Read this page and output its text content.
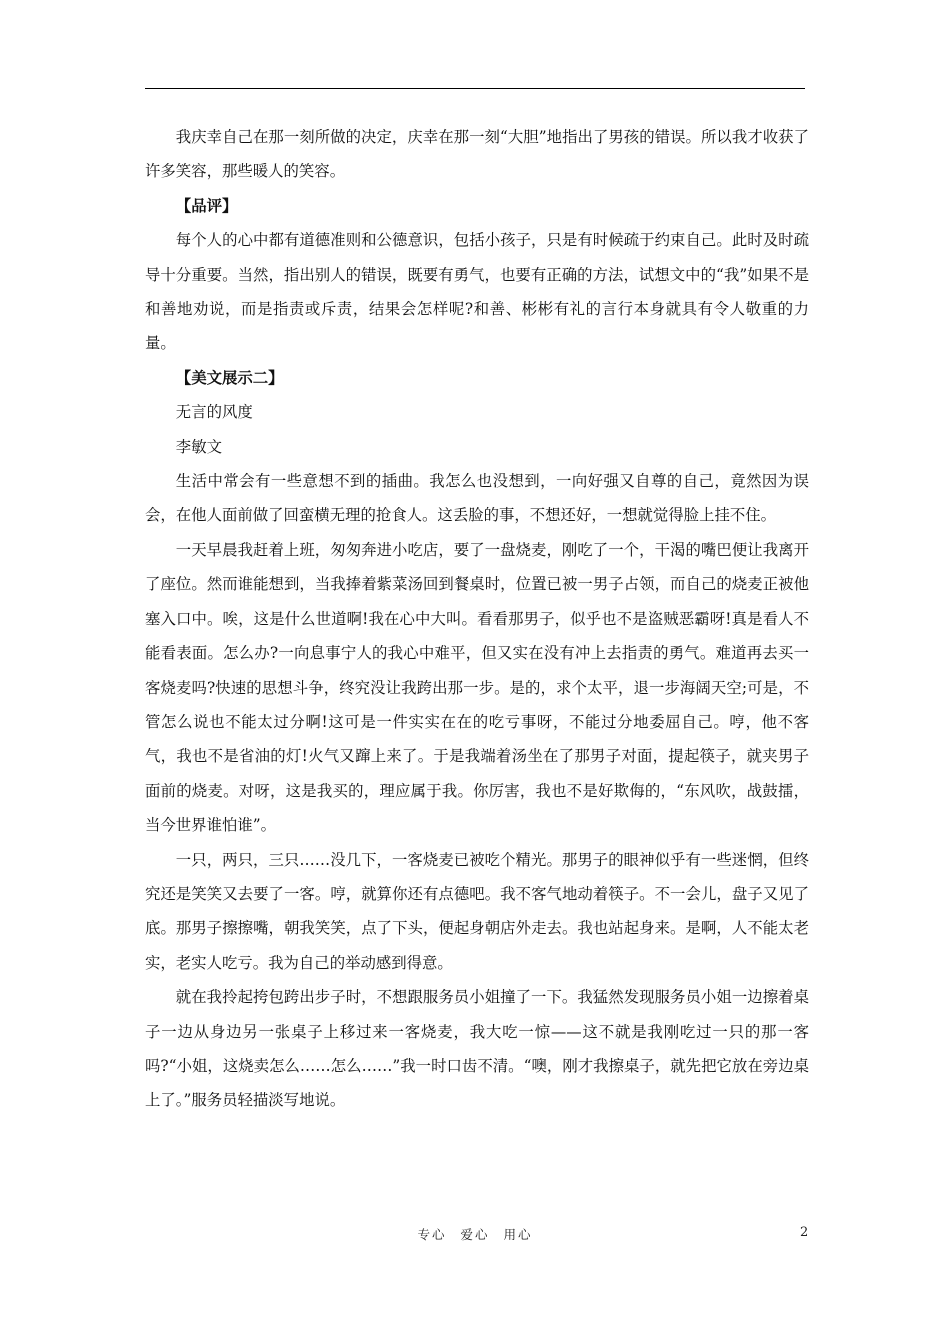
我庆幸自己在那一刻所做的决定，庆幸在那一刻“大胆”地指出了男孩的错误。所以我才收获了许多笑容，那些暖人的笑容。

【品评】

每个人的心中都有道德准则和公德意识，包括小孩子，只是有时候疏于约束自己。此时及时疏导十分重要。当然，指出别人的错误，既要有勇气，也要有正确的方法，试想文中的“我”如果不是和善地劝说，而是指责或斥责，结果会怎样呢?和善、彬彬有礼的言行本身就具有令人敬重的力量。

【美文展示二】

无言的风度

李敏文

生活中常会有一些意想不到的插曲。我怎么也没想到，一向好强又自尊的自己，竟然因为误会，在他人面前做了回蛮横无理的抢食人。这丢脸的事，不想还好，一想就觉得脸上挂不住。

一天早晨我赶着上班，匆匆奔进小吃店，要了一盘烧麦，刚吃了一个，干渴的嘴巴便让我离开了座位。然而谁能想到，当我捧着紫菜汤回到餐桌时，位置已被一男子占领，而自己的烧麦正被他塞入口中。唉，这是什么世道啊!我在心中大叫。看看那男子，似乎也不是盗贼恶霸呀!真是看人不能看表面。怎么办?一向息事宁人的我心中难平，但又实在没有冲上去指责的勇气。难道再去买一客烧麦吗?快速的思想斗争，终究没让我跨出那一步。是的，求个太平，退一步海阔天空;可是，不管怎么说也不能太过分啊!这可是一件实实在在的吃亏事呀，不能过分地委屈自己。哼，他不客气，我也不是省油的灯!火气又蹿上来了。于是我端着汤坐在了那男子对面，提起筷子，就夹男子面前的烧麦。对呀，这是我买的，理应属于我。你厉害，我也不是好欺侮的，“东风吹，战鼓擂，当今世界谁怕谁”。

一只，两只，三只……没几下，一客烧麦已被吃个精光。那男子的眼神似乎有一些迷惘，但终究还是笑笑又去要了一客。哼，就算你还有点德吧。我不客气地动着筷子。不一会儿，盘子又见了底。那男子擦擦嘴，朝我笑笑，点了下头，便起身朝店外走去。我也站起身来。是啊，人不能太老实，老实人吃亏。我为自己的举动感到得意。

就在我拎起挎包跨出步子时，不想跟服务员小姐撞了一下。我猛然发现服务员小姐一边擦着桌子一边从身边另一张桌子上移过来一客烧麦，我大吃一惊——这不就是我刚吃过一只的那一客吗?“小姐，这烧卖怎么……怎么……”我一时口齿不清。“噢，刚才我擦桌子，就先把它放在旁边桌上了。”服务员轻描淡写地说。

专心 爱心 用心	2
